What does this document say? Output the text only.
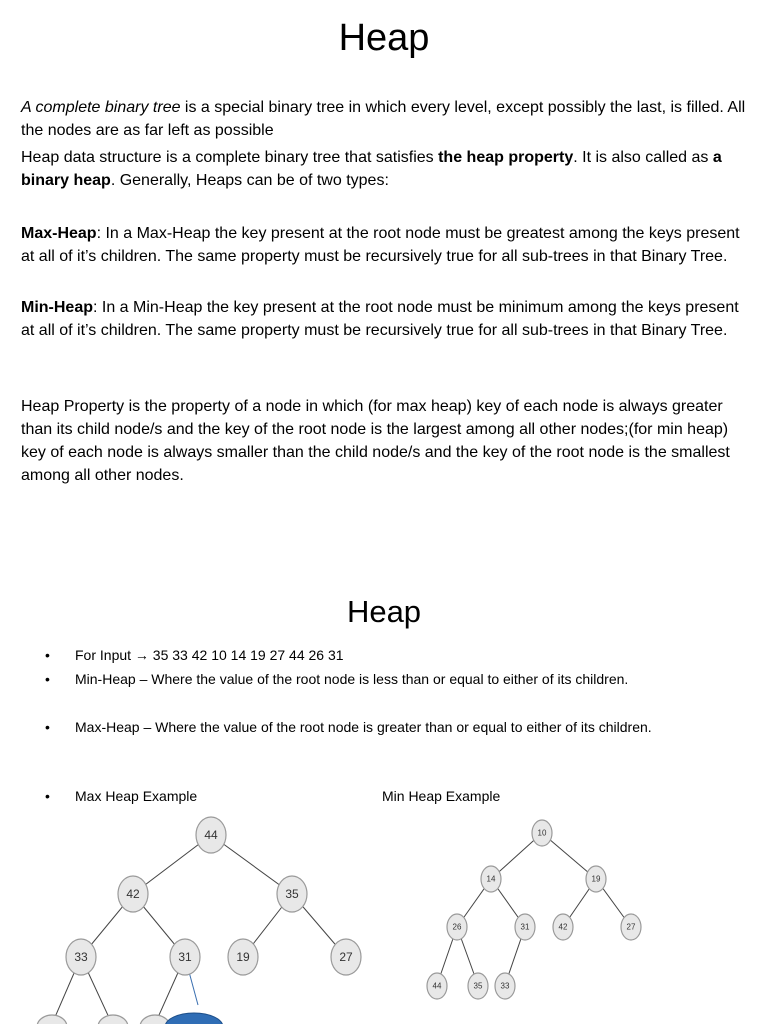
Heap
A complete binary tree is a special binary tree in which every level, except possibly the last, is filled. All the nodes are as far left as possible
Heap data structure is a complete binary tree that satisfies the heap property. It is also called as a binary heap. Generally, Heaps can be of two types:
Max-Heap: In a Max-Heap the key present at the root node must be greatest among the keys present at all of it’s children. The same property must be recursively true for all sub-trees in that Binary Tree.
Min-Heap: In a Min-Heap the key present at the root node must be minimum among the keys present at all of it’s children. The same property must be recursively true for all sub-trees in that Binary Tree.
Heap Property is the property of a node in which (for max heap) key of each node is always greater than its child node/s and the key of the root node is the largest among all other nodes;(for min heap) key of each node is always smaller than the child node/s and the key of the root node is the smallest among all other nodes.
Heap
• For Input → 35 33 42 10 14 19 27 44 26 31
• Min-Heap – Where the value of the root node is less than or equal to either of its children.
• Max-Heap – Where the value of the root node is greater than or equal to either of its children.
• Max Heap Example	Min Heap Example
44
42	35
33	31	19	27
10
14	19
26	31	42	27
44	35 33
